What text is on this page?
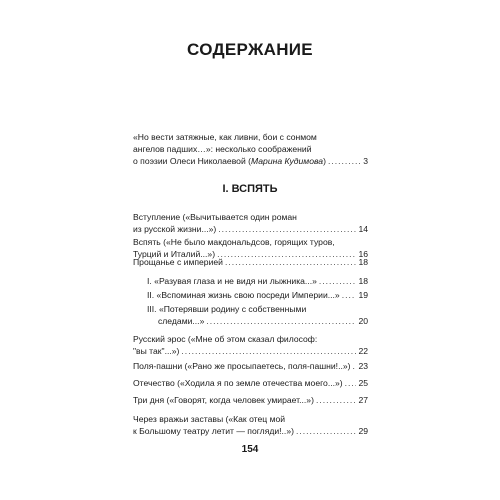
СОДЕРЖАНИЕ
«Но вести затяжные, как ливни, бои с сонмом
ангелов падших…»: несколько соображений
о поэзии Олеси Николаевой (Марина Кудимова) .....	3
I. ВСПЯТЬ
Вступление («Вычитывается один роман
из русской жизни...») .....	14
Вспять («Не было макдональдсов, горящих туров,
Турций и Италий...») .....	16
Прощанье с империей .....	18
I. «Разувая глаза и не видя ни лыжника...» .....	18
II. «Вспоминая жизнь свою посреди Империи...» ..... 19
III. «Потерявши родину с собственными
следами...» .....	20
Русский эрос («Мне об этом сказал философ:
"вы так"...») .....	22
Поля-пашни («Рано же просыпаетесь, поля-пашни!..») ..... 23
Отечество («Ходила я по земле отечества моего...») ..... 25
Три дня («Говорят, когда человек умирает...») .....	27
Через вражьи заставы («Как отец мой
к Большому театру летит — погляди!..») .....	29
154
